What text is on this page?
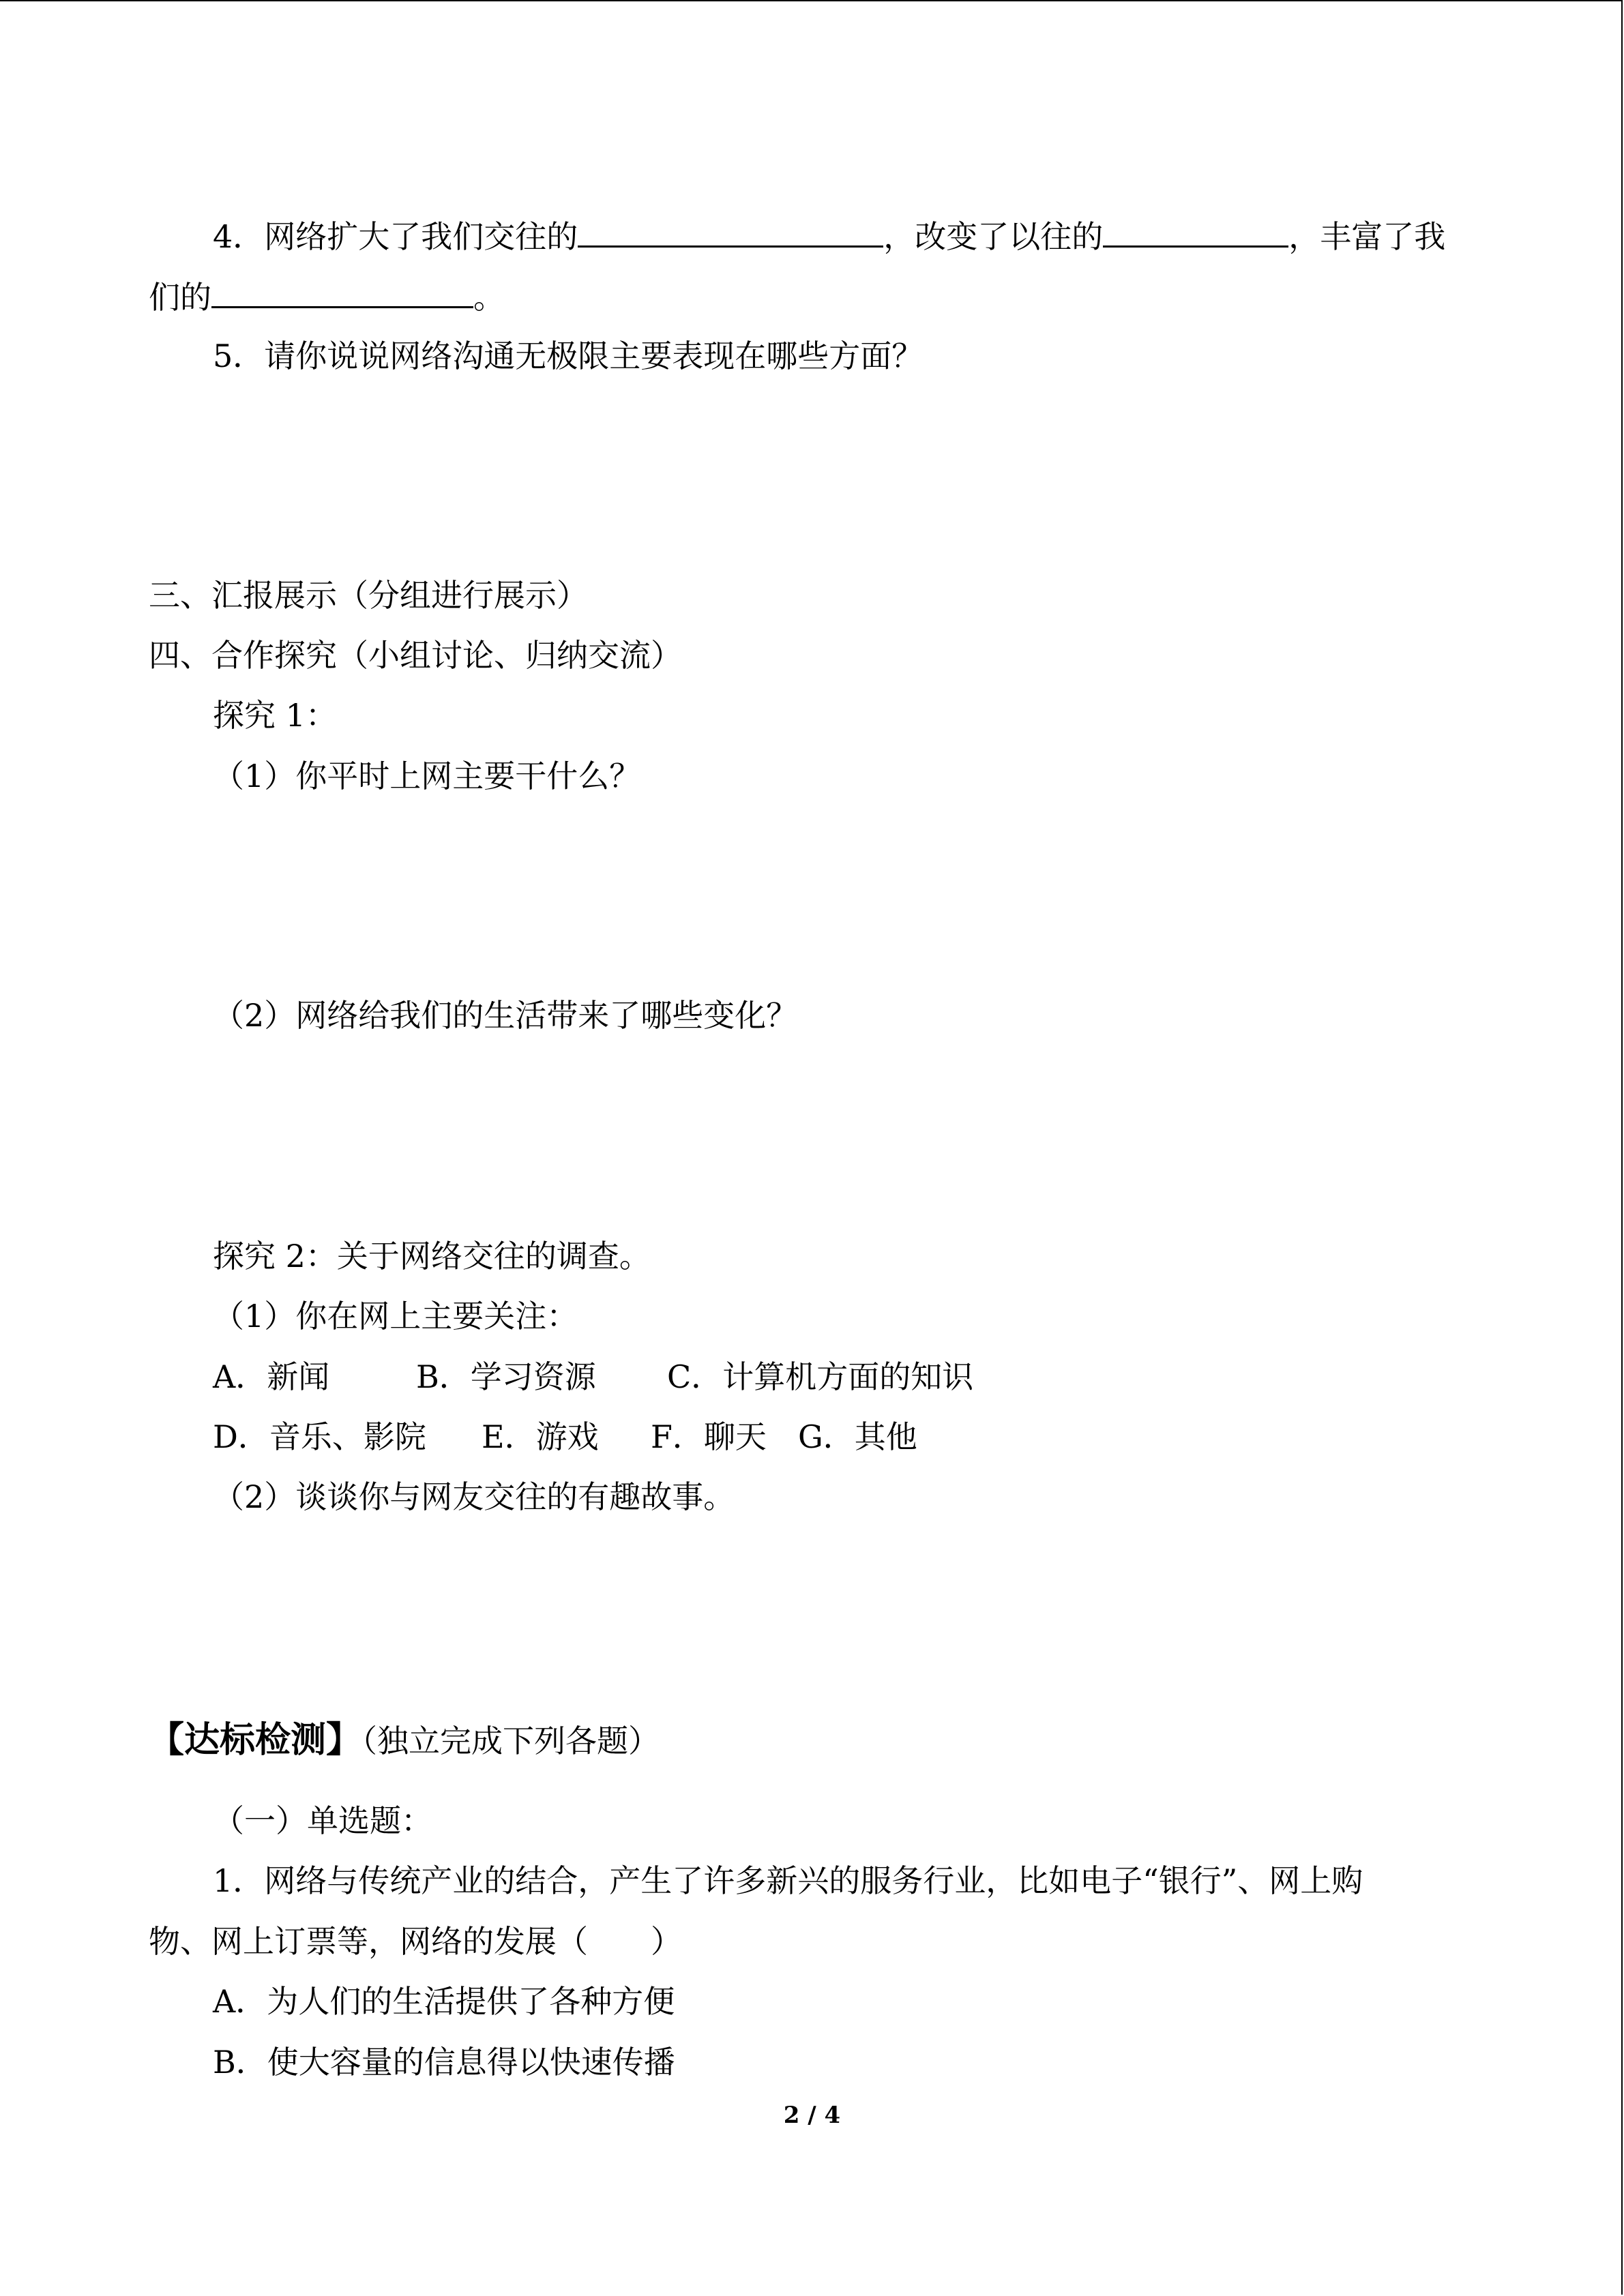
4．网络扩大了我们交往的	，改变了以往的	，丰富了我
们的	。
5．请你说说网络沟通无极限主要表现在哪些方面？
三、汇报展示（分组进行展示）
四、合作探究（小组讨论、归纳交流）
探究 1：
（1）你平时上网主要干什么？
（2）网络给我们的生活带来了哪些变化？
探究 2：关于网络交往的调查。
（1）你在网上主要关注：
A．新闻	B．学习资源 C．计算机方面的知识
D．音乐、影院 E．游戏 F．聊天 G．其他
（2）谈谈你与网友交往的有趣故事。
【达标检测】（独立完成下列各题）
（一）单选题：
1．网络与传统产业的结合，产生了许多新兴的服务行业，比如电子“银行”、网上购
物、网上订票等，网络的发展（　　）
A．为人们的生活提供了各种方便
B．使大容量的信息得以快速传播
2 / 4
